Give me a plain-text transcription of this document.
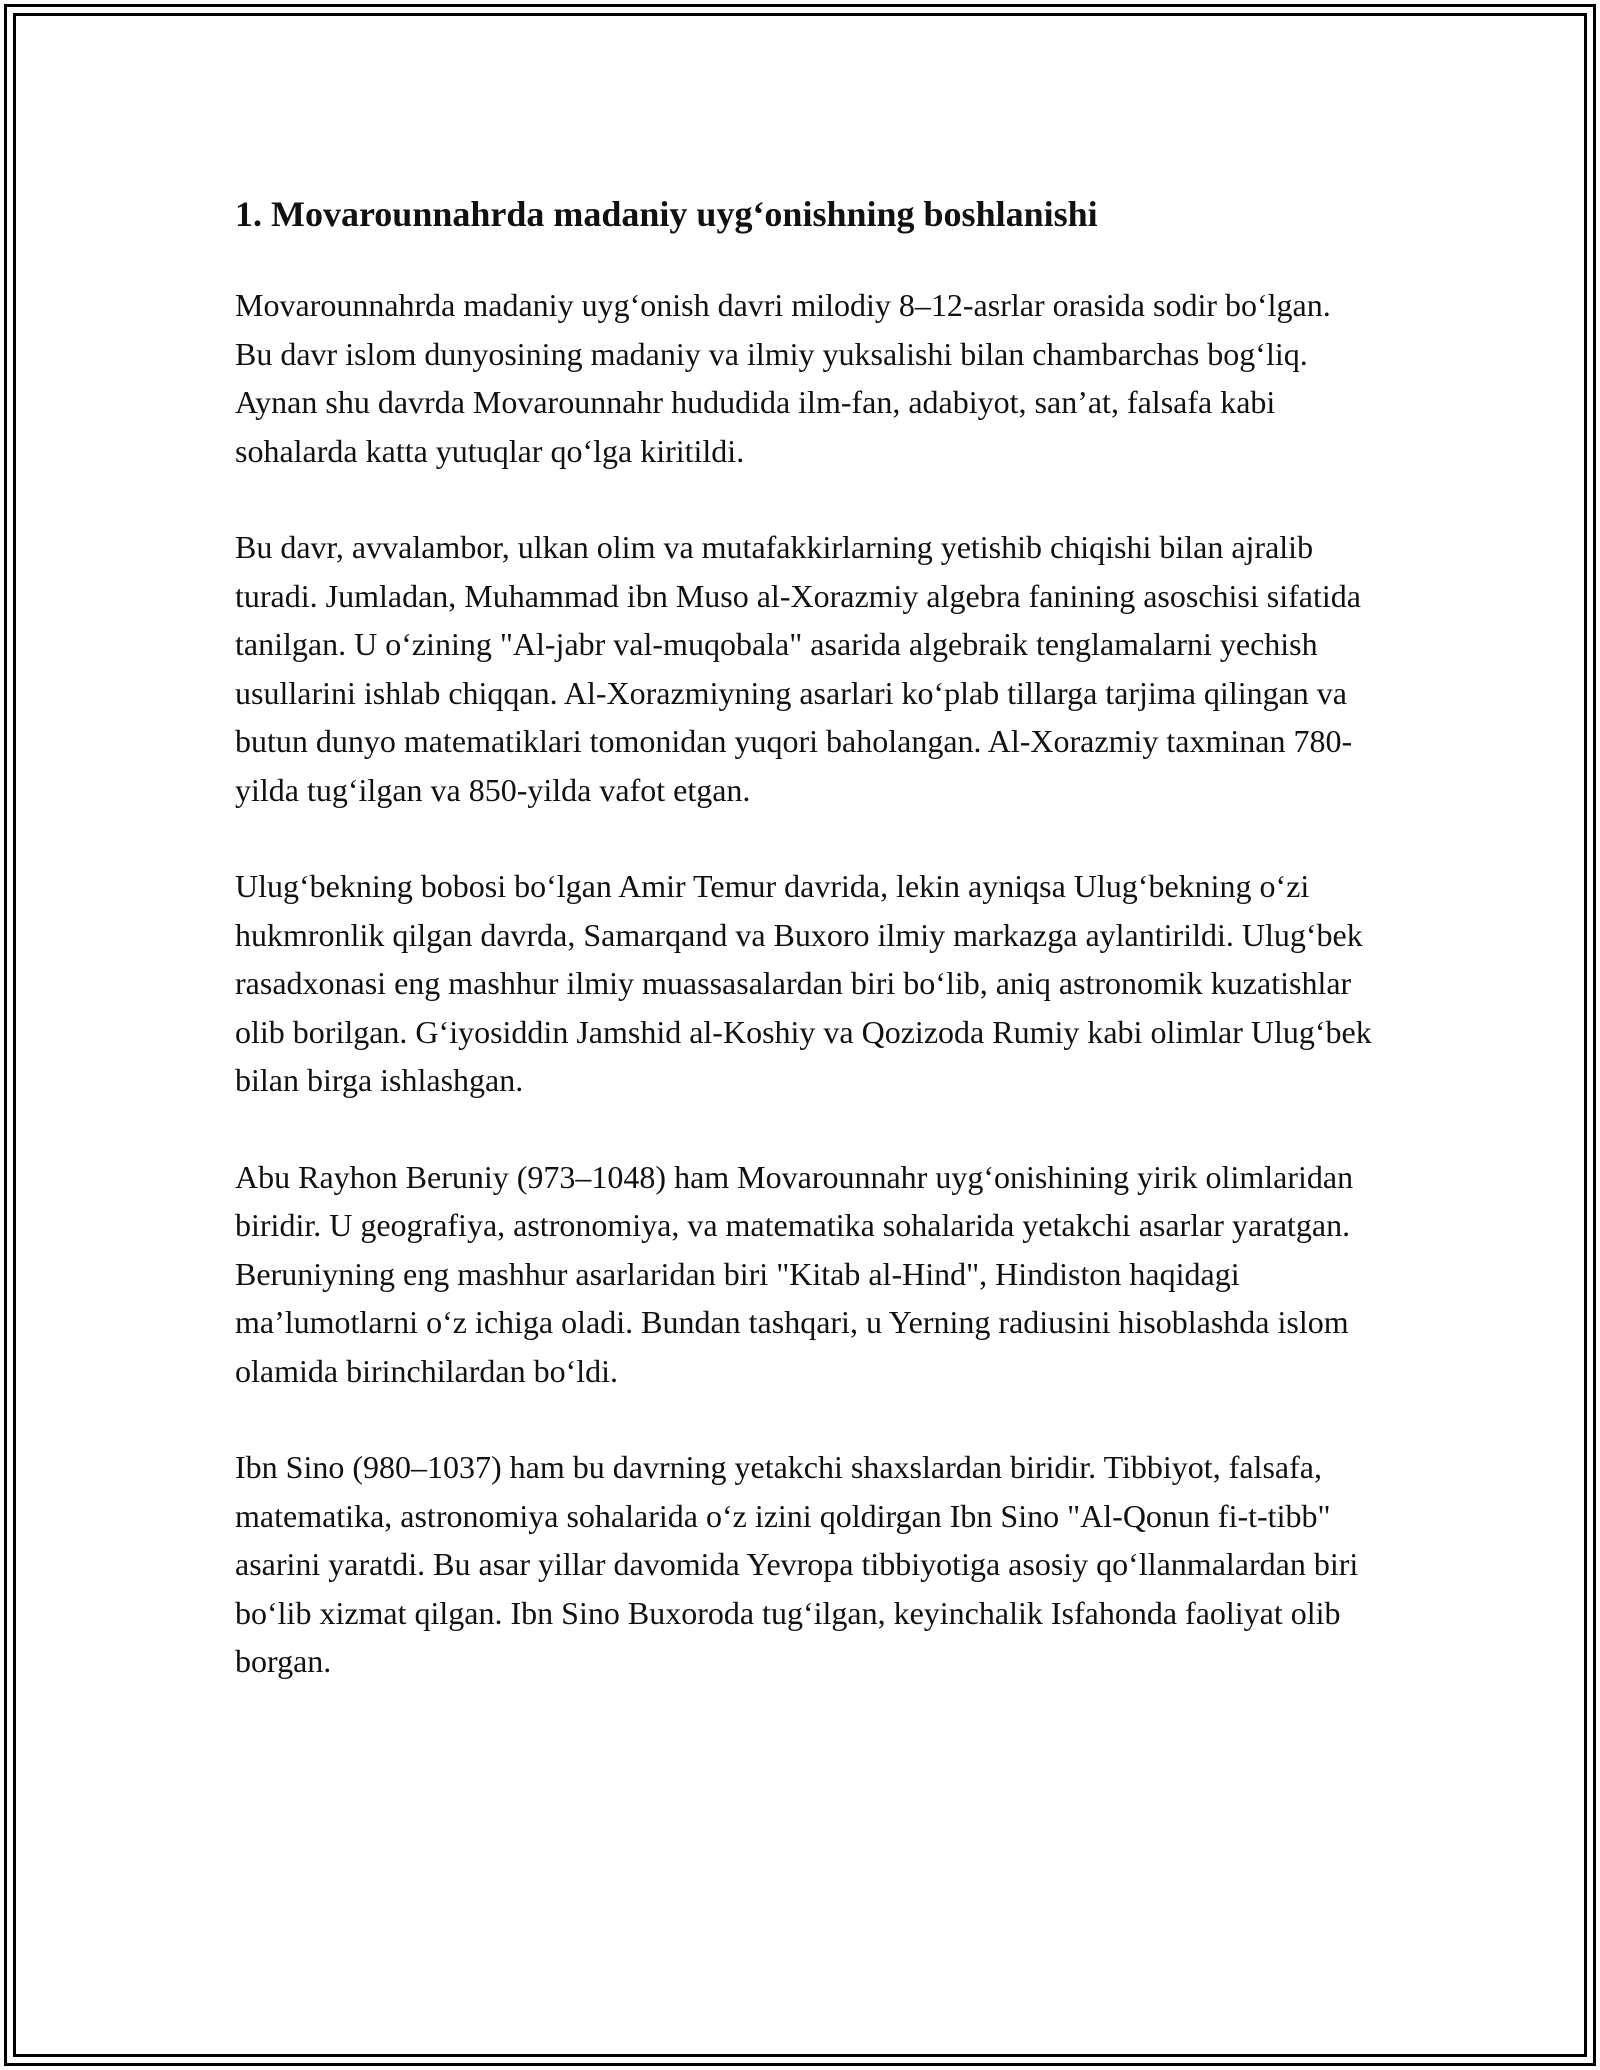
1. Movarounnahrda madaniy uyg‘onishning boshlanishi

Movarounnahrda madaniy uyg‘onish davri milodiy 8–12-asrlar orasida sodir bo‘lgan. Bu davr islom dunyosining madaniy va ilmiy yuksalishi bilan chambarchas bog‘liq. Aynan shu davrda Movarounnahr hududida ilm-fan, adabiyot, san’at, falsafa kabi sohalarda katta yutuqlar qo‘lga kiritildi.

Bu davr, avvalambor, ulkan olim va mutafakkirlarning yetishib chiqishi bilan ajralib turadi. Jumladan, Muhammad ibn Muso al-Xorazmiy algebra fanining asoschisi sifatida tanilgan. U o‘zining "Al-jabr val-muqobala" asarida algebraik tenglamalarni yechish usullarini ishlab chiqqan. Al-Xorazmiyning asarlari ko‘plab tillarga tarjima qilingan va butun dunyo matematiklari tomonidan yuqori baholangan. Al-Xorazmiy taxminan 780-yilda tug‘ilgan va 850-yilda vafot etgan.

Ulug‘bekning bobosi bo‘lgan Amir Temur davrida, lekin ayniqsa Ulug‘bekning o‘zi hukmronlik qilgan davrda, Samarqand va Buxoro ilmiy markazga aylantirildi. Ulug‘bek rasadxonasi eng mashhur ilmiy muassasalardan biri bo‘lib, aniq astronomik kuzatishlar olib borilgan. G‘iyosiddin Jamshid al-Koshiy va Qozizoda Rumiy kabi olimlar Ulug‘bek bilan birga ishlashgan.

Abu Rayhon Beruniy (973–1048) ham Movarounnahr uyg‘onishining yirik olimlaridan biridir. U geografiya, astronomiya, va matematika sohalarida yetakchi asarlar yaratgan. Beruniyning eng mashhur asarlaridan biri "Kitab al-Hind", Hindiston haqidagi ma’lumotlarni o‘z ichiga oladi. Bundan tashqari, u Yerning radiusini hisoblashda islom olamida birinchilardan bo‘ldi.

Ibn Sino (980–1037) ham bu davrning yetakchi shaxslardan biridir. Tibbiyot, falsafa, matematika, astronomiya sohalarida o‘z izini qoldirgan Ibn Sino "Al-Qonun fi-t-tibb" asarini yaratdi. Bu asar yillar davomida Yevropa tibbiyotiga asosiy qo‘llanmalardan biri bo‘lib xizmat qilgan. Ibn Sino Buxoroda tug‘ilgan, keyinchalik Isfahonda faoliyat olib borgan.
